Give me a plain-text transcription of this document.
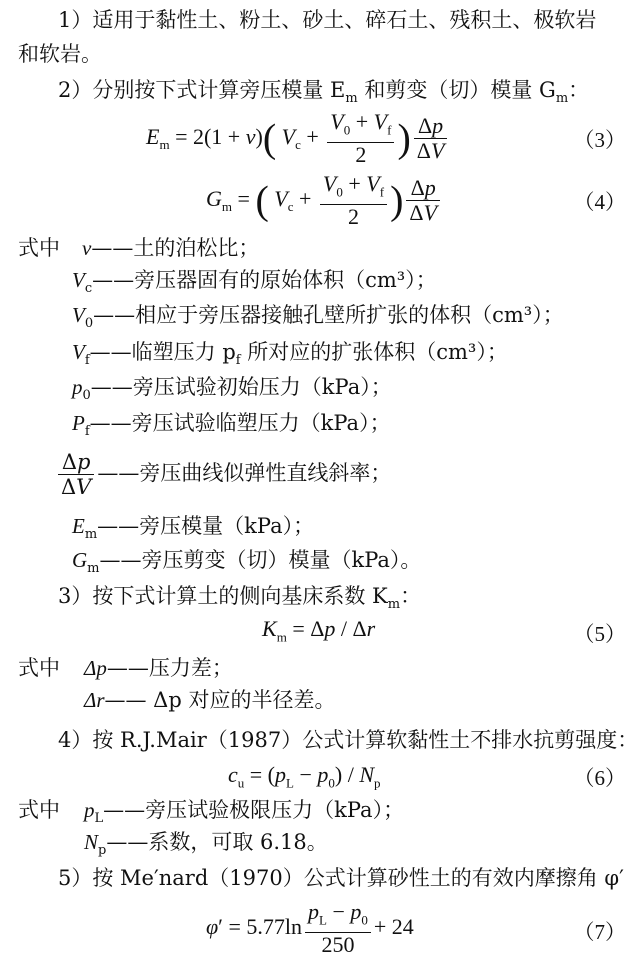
1）适用于黏性土、粉土、砂土、碎石土、残积土、极软岩
和软岩。
2）分别按下式计算旁压模量 $E_m$ 和剪变（切）模量 $G_m$：
$E_m = 2(1 + \nu)$( $V_c + \frac{V_0 + V_f}{2}$ ) $\frac{\Delta p}{\Delta V}$	（3）
$G_m$ = ( $V_c + \frac{V_0 + V_f}{2}$ ) $\frac{\Delta p}{\Delta V}$	（4）
式中 ν——土的泊松比；
$V_c——$旁压器固有的原始体积（cm³）；
$V_0——$相应于旁压器接触孔壁所扩张的体积（cm³）；
$V_f——$临塑压力 $p_f$ 所对应的扩张体积（cm³）；
$p_0——$旁压试验初始压力（kPa）；
$P_f——$旁压试验临塑压力（kPa）；
$\frac{\Delta p}{\Delta V}$ ——旁压曲线似弹性直线斜率；
$E_m——$旁压模量（kPa）；
$G_m——$旁压剪变（切）模量（kPa）。
3）按下式计算土的侧向基床系数 $K_m$：
$K_m = \Delta p / \Delta r$	（5）
式中 Δp——压力差；
Δr—— Δp 对应的半径差。
4）按 R.J.Mair（1987）公式计算软黏性土不排水抗剪强度：
$c_u = (p_L - p_0) / N_p$	（6）
式中 $p_L——$旁压试验极限压力（kPa）；
$N_p——$系数，可取 6.18。
5）按 Me′nard（1970）公式计算砂性土的有效内摩擦角 φ′
$\varphi' = 5.77\ln \frac{p_L - p_0}{250} + 24$	（7）
